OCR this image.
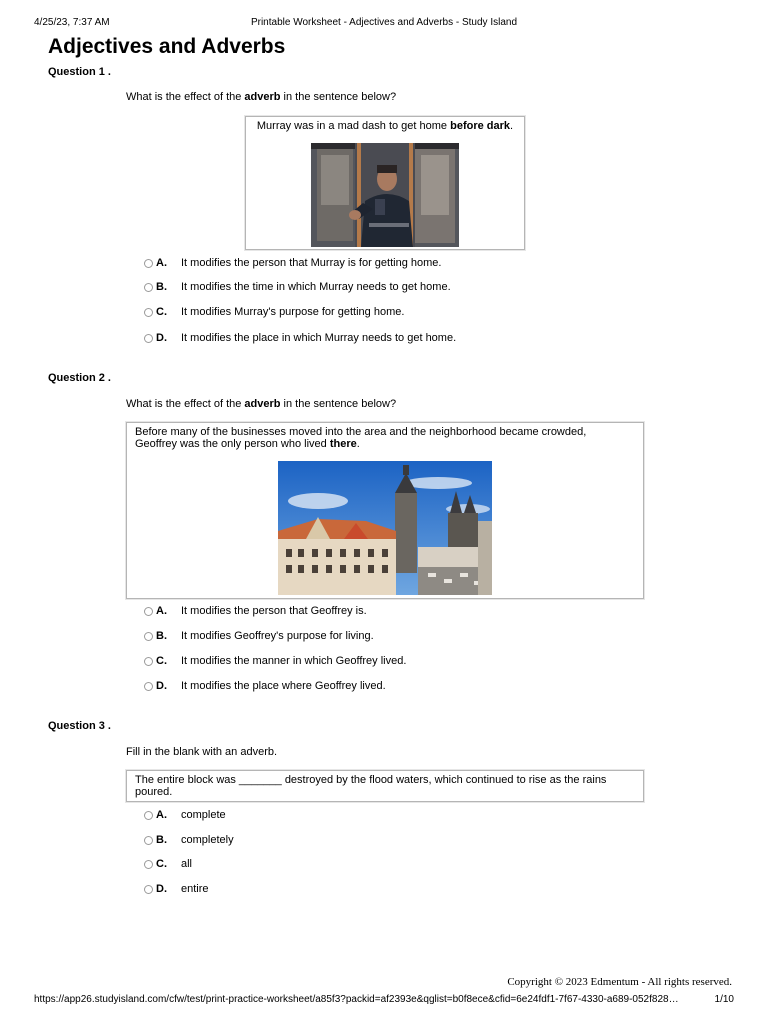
4/25/23, 7:37 AM	Printable Worksheet - Adjectives and Adverbs - Study Island
Adjectives and Adverbs
Question 1 .
What is the effect of the adverb in the sentence below?
Murray was in a mad dash to get home before dark.
A. It modifies the person that Murray is for getting home.
B. It modifies the time in which Murray needs to get home.
C. It modifies Murray's purpose for getting home.
D. It modifies the place in which Murray needs to get home.
Question 2 .
What is the effect of the adverb in the sentence below?
Before many of the businesses moved into the area and the neighborhood became crowded, Geoffrey was the only person who lived there.
A. It modifies the person that Geoffrey is.
B. It modifies Geoffrey's purpose for living.
C. It modifies the manner in which Geoffrey lived.
D. It modifies the place where Geoffrey lived.
Question 3 .
Fill in the blank with an adverb.
The entire block was _______ destroyed by the flood waters, which continued to rise as the rains poured.
A. complete
B. completely
C. all
D. entire
Copyright © 2023 Edmentum - All rights reserved.
https://app26.studyisland.com/cfw/test/print-practice-worksheet/a85f3?packid=af2393e&qglist=b0f8ece&cfid=6e24fdf1-7f67-4330-a689-052f828…	1/10
